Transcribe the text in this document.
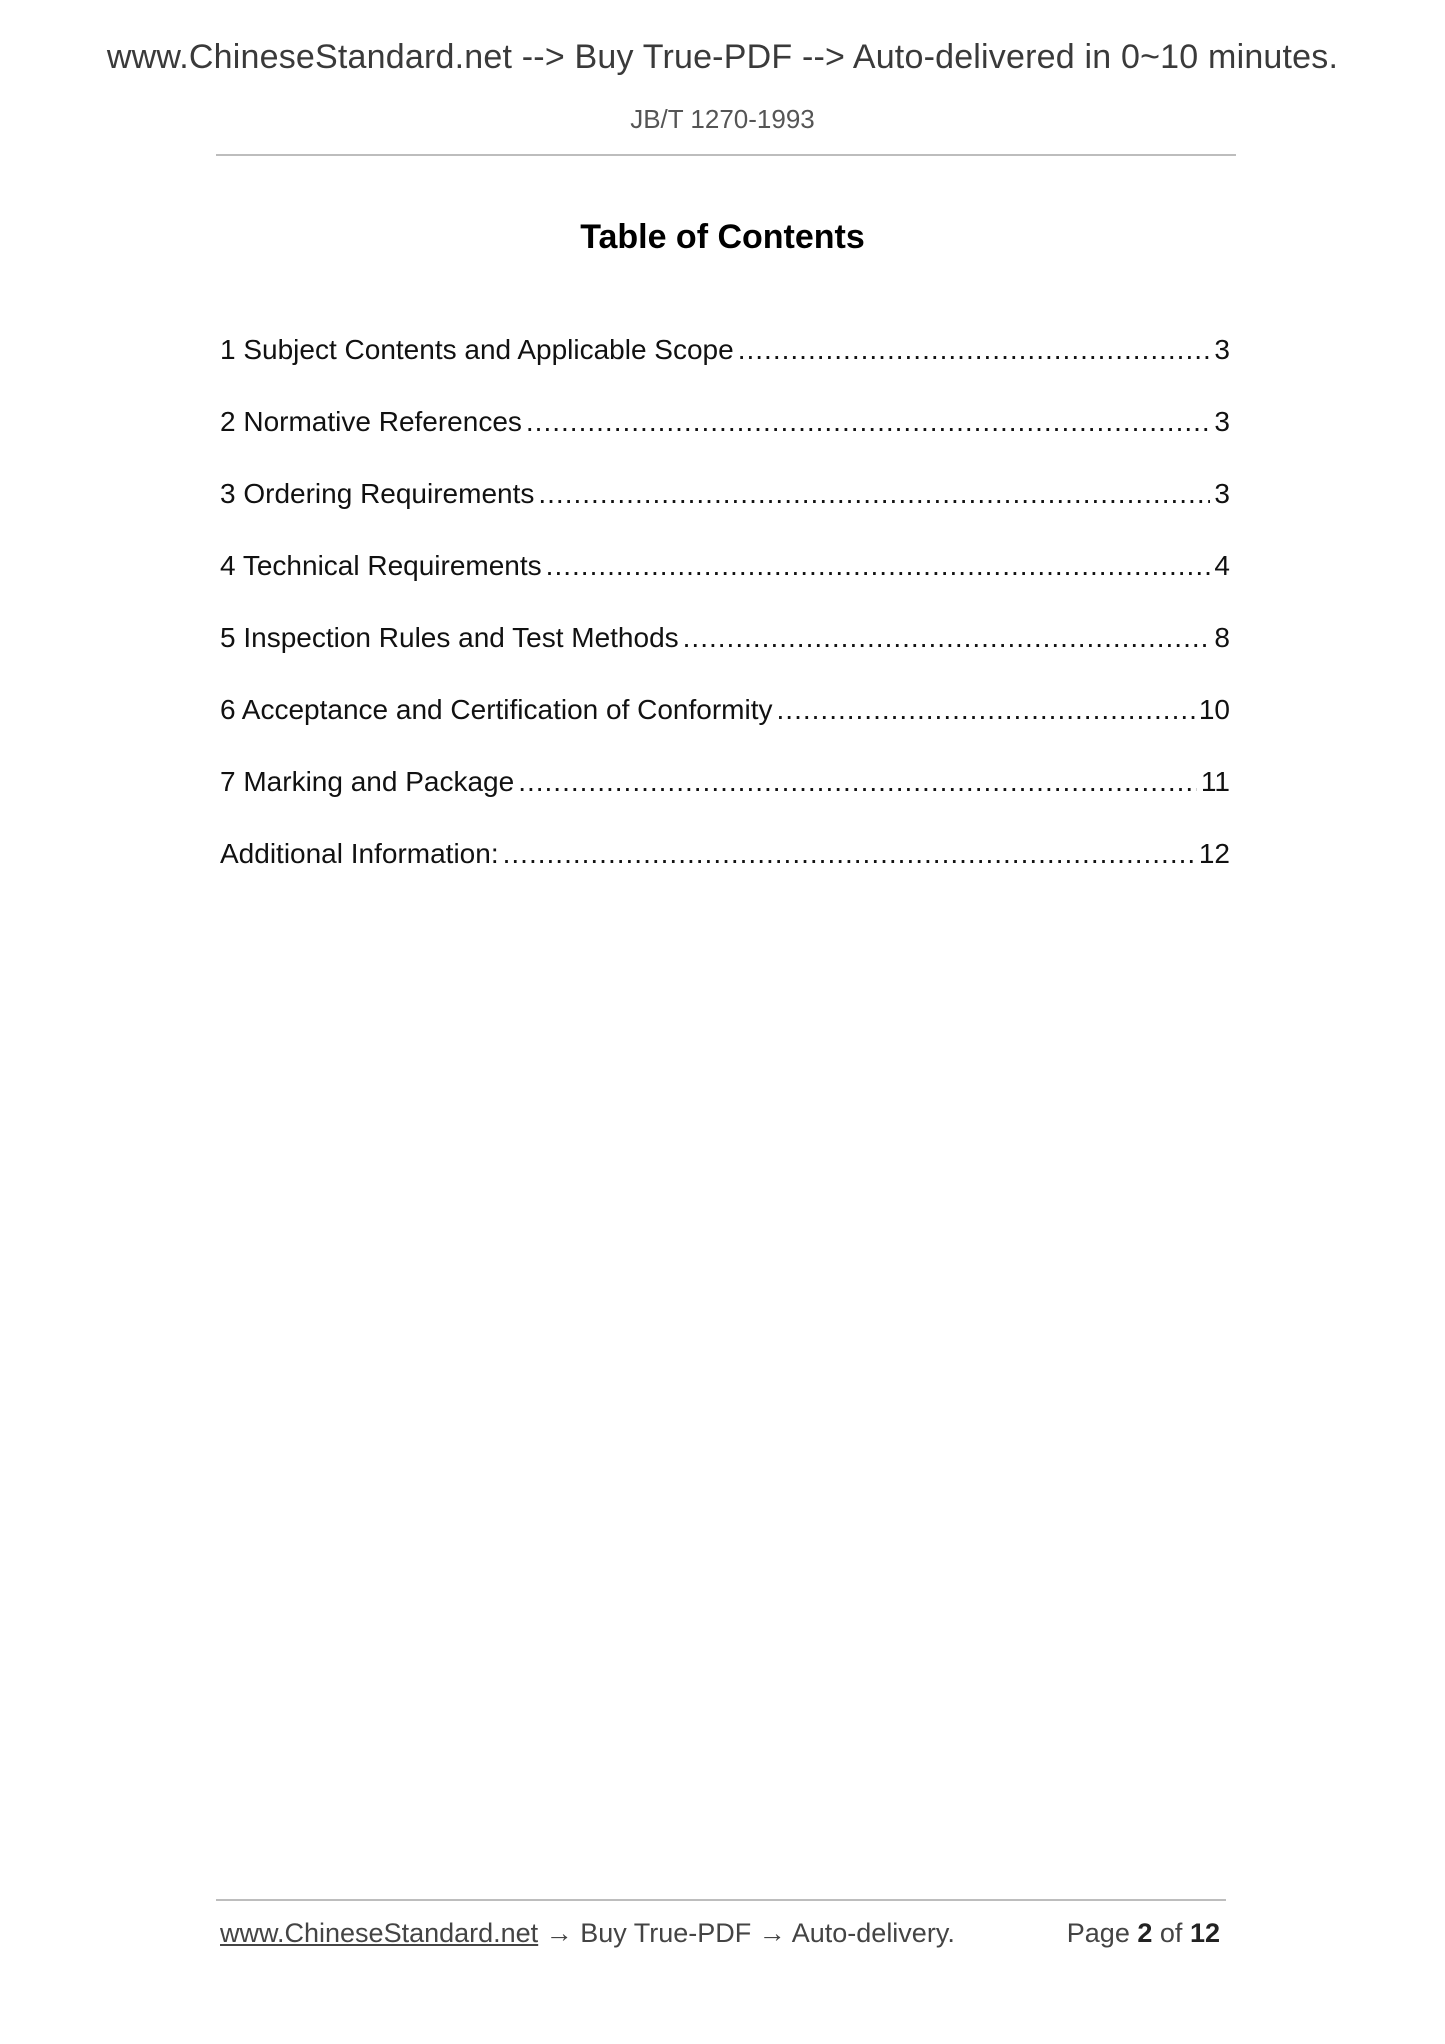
www.ChineseStandard.net --> Buy True-PDF --> Auto-delivered in 0~10 minutes.
JB/T 1270-1993
Table of Contents
1 Subject Contents and Applicable Scope .....	3
2 Normative References .....	3
3 Ordering Requirements .....	3
4 Technical Requirements .....	4
5 Inspection Rules and Test Methods .....	8
6 Acceptance and Certification of Conformity .....	10
7 Marking and Package .....	11
Additional Information: .....	12
www.ChineseStandard.net → Buy True-PDF → Auto-delivery.	Page 2 of 12
